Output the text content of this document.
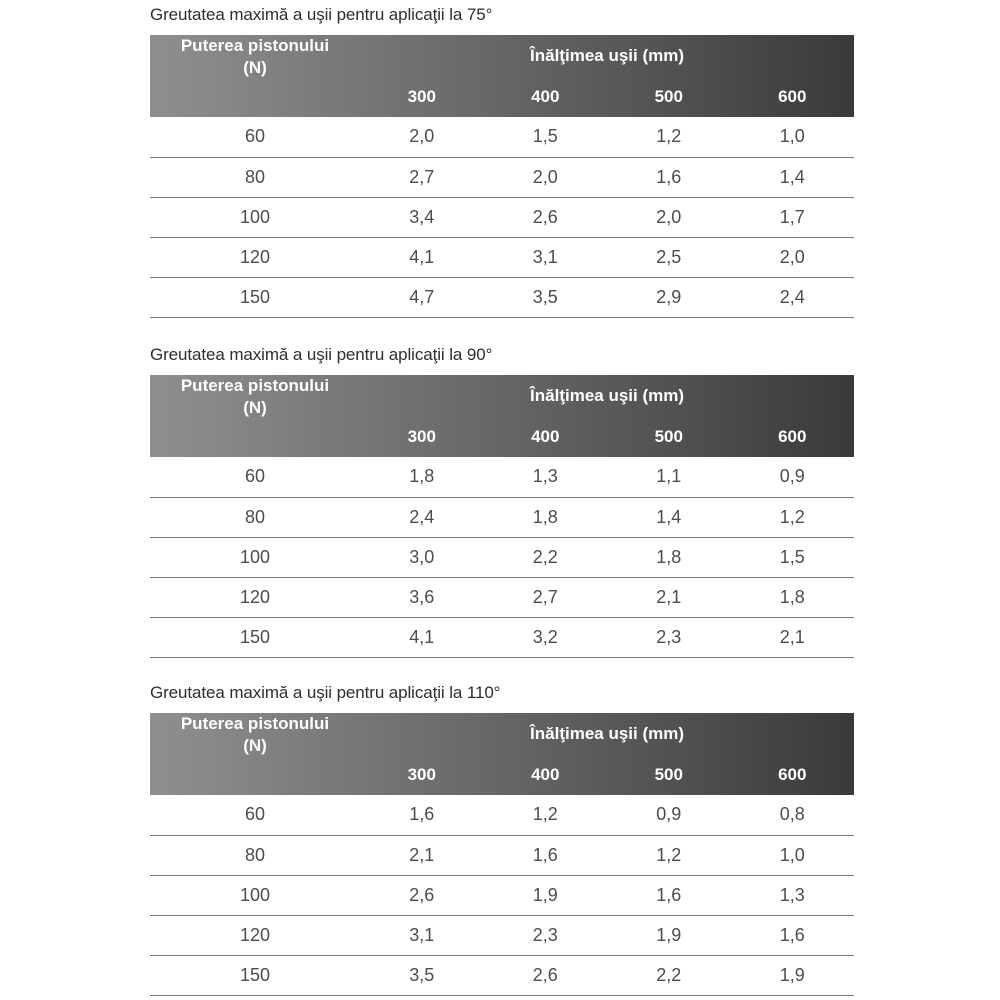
Greutatea maximă a uşii pentru aplicaţii la 75°
Puterea pistonului
(N)	Înălţimea uşii (mm)			
	300	400	500	600
60	2,0	1,5	1,2	1,0
80	2,7	2,0	1,6	1,4
100	3,4	2,6	2,0	1,7
120	4,1	3,1	2,5	2,0
150	4,7	3,5	2,9	2,4
Greutatea maximă a uşii pentru aplicaţii la 90°
Puterea pistonului
(N)	Înălţimea uşii (mm)			
	300	400	500	600
60	1,8	1,3	1,1	0,9
80	2,4	1,8	1,4	1,2
100	3,0	2,2	1,8	1,5
120	3,6	2,7	2,1	1,8
150	4,1	3,2	2,3	2,1
Greutatea maximă a uşii pentru aplicaţii la 110°
Puterea pistonului
(N)	Înălţimea uşii (mm)			
	300	400	500	600
60	1,6	1,2	0,9	0,8
80	2,1	1,6	1,2	1,0
100	2,6	1,9	1,6	1,3
120	3,1	2,3	1,9	1,6
150	3,5	2,6	2,2	1,9
